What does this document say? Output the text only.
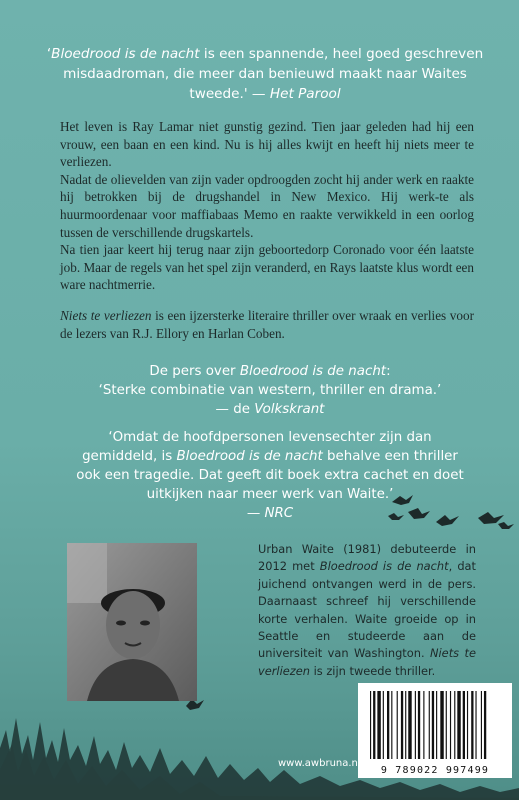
‘Bloedrood is de nacht is een spannende, heel goed geschreven misdaadroman, die meer dan benieuwd maakt naar Waites tweede.' — Het Parool

Het leven is Ray Lamar niet gunstig gezind. Tien jaar geleden had hij een vrouw, een baan en een kind. Nu is hij alles kwijt en heeft hij niets meer te verliezen.

Nadat de olievelden van zijn vader opdroogden zocht hij ander werk en raakte hij betrokken bij de drugshandel in New Mexico. Hij werk-te als huurmoordenaar voor maffiabaas Memo en raakte verwikkeld in een oorlog tussen de verschillende drugskartels.

Na tien jaar keert hij terug naar zijn geboortedorp Coronado voor één laatste job. Maar de regels van het spel zijn veranderd, en Rays laatste klus wordt een ware nachtmerrie.

Niets te verliezen is een ijzersterke literaire thriller over wraak en verlies voor de lezers van R.J. Ellory en Harlan Coben.

De pers over Bloedrood is de nacht:
‘Sterke combinatie van western, thriller en drama.’

— de Volkskrant
‘Omdat de hoofdpersonen levensechter zijn dan gemiddeld, is Bloedrood is de nacht behalve een thriller ook een tragedie. Dat geeft dit boek extra cachet en doet uitkijken naar meer werk van Waite.’

— NRC
Urban Waite (1981) debuteerde in 2012 met Bloedrood is de nacht, dat juichend ontvangen werd in de pers. Daarnaast schreef hij verschillende korte verhalen. Waite groeide op in Seattle en studeerde aan de universiteit van Washington. Niets te verliezen is zijn tweede thriller.
9 789022 997499
www.awbruna.nl
